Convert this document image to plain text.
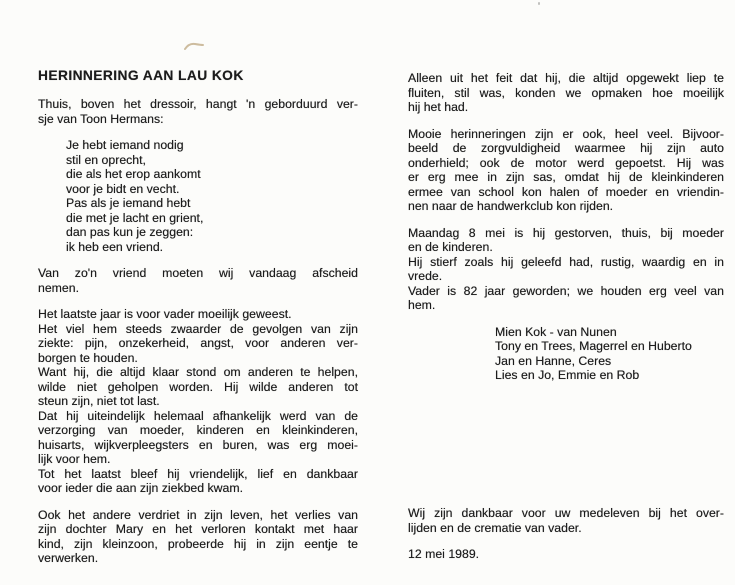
HERINNERING AAN LAU KOK
Thuis, boven het dressoir, hangt 'n geborduurd ver-
sje van Toon Hermans:
Je hebt iemand nodig
stil en oprecht,
die als het erop aankomt
voor je bidt en vecht.
Pas als je iemand hebt
die met je lacht en grient,
dan pas kun je zeggen:
ik heb een vriend.
Van zo'n vriend moeten wij vandaag afscheid
nemen.
Het laatste jaar is voor vader moeilijk geweest.
Het viel hem steeds zwaarder de gevolgen van zijn
ziekte: pijn, onzekerheid, angst, voor anderen ver-
borgen te houden.
Want hij, die altijd klaar stond om anderen te helpen,
wilde niet geholpen worden. Hij wilde anderen tot
steun zijn, niet tot last.
Dat hij uiteindelijk helemaal afhankelijk werd van de
verzorging van moeder, kinderen en kleinkinderen,
huisarts, wijkverpleegsters en buren, was erg moei-
lijk voor hem.
Tot het laatst bleef hij vriendelijk, lief en dankbaar
voor ieder die aan zijn ziekbed kwam.
Ook het andere verdriet in zijn leven, het verlies van
zijn dochter Mary en het verloren kontakt met haar
kind, zijn kleinzoon, probeerde hij in zijn eentje te
verwerken.
Alleen uit het feit dat hij, die altijd opgewekt liep te
fluiten, stil was, konden we opmaken hoe moeilijk
hij het had.
Mooie herinneringen zijn er ook, heel veel. Bijvoor-
beeld de zorgvuldigheid waarmee hij zijn auto
onderhield; ook de motor werd gepoetst. Hij was
er erg mee in zijn sas, omdat hij de kleinkinderen
ermee van school kon halen of moeder en vriendin-
nen naar de handwerkclub kon rijden.
Maandag 8 mei is hij gestorven, thuis, bij moeder
en de kinderen.
Hij stierf zoals hij geleefd had, rustig, waardig en in
vrede.
Vader is 82 jaar geworden; we houden erg veel van
hem.
Mien Kok - van Nunen
Tony en Trees, Magerrel en Huberto
Jan en Hanne, Ceres
Lies en Jo, Emmie en Rob
Wij zijn dankbaar voor uw medeleven bij het over-
lijden en de crematie van vader.
12 mei 1989.
